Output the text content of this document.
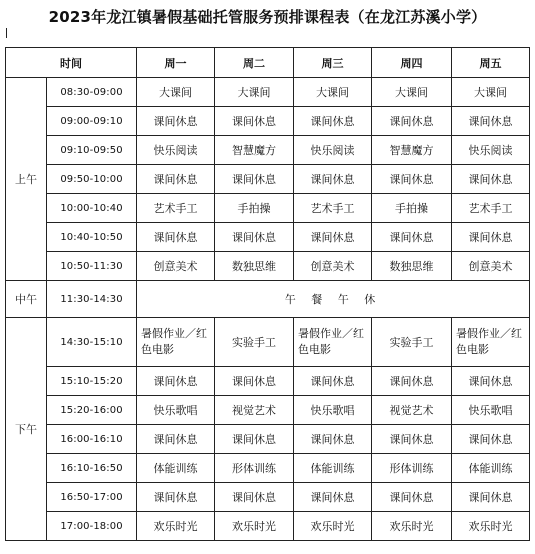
2023年龙江镇暑假基础托管服务预排课程表（在龙江苏溪小学）
时间		周一	周二	周三	周四	周五
上午	08:30-09:00	大课间	大课间	大课间	大课间	大课间
	09:00-09:10	课间休息	课间休息	课间休息	课间休息	课间休息
	09:10-09:50	快乐阅读	智慧魔方	快乐阅读	智慧魔方	快乐阅读
	09:50-10:00	课间休息	课间休息	课间休息	课间休息	课间休息
	10:00-10:40	艺术手工	手拍操	艺术手工	手拍操	艺术手工
	10:40-10:50	课间休息	课间休息	课间休息	课间休息	课间休息
	10:50-11:30	创意美术	数独思维	创意美术	数独思维	创意美术
中午	11:30-14:30	午 餐 午 休				
下午	14:30-15:10	暑假作业／红色电影	实验手工	暑假作业／红色电影	实验手工	暑假作业／红色电影
	15:10-15:20	课间休息	课间休息	课间休息	课间休息	课间休息
	15:20-16:00	快乐歌唱	视觉艺术	快乐歌唱	视觉艺术	快乐歌唱
	16:00-16:10	课间休息	课间休息	课间休息	课间休息	课间休息
	16:10-16:50	体能训练	形体训练	体能训练	形体训练	体能训练
	16:50-17:00	课间休息	课间休息	课间休息	课间休息	课间休息
	17:00-18:00	欢乐时光	欢乐时光	欢乐时光	欢乐时光	欢乐时光
